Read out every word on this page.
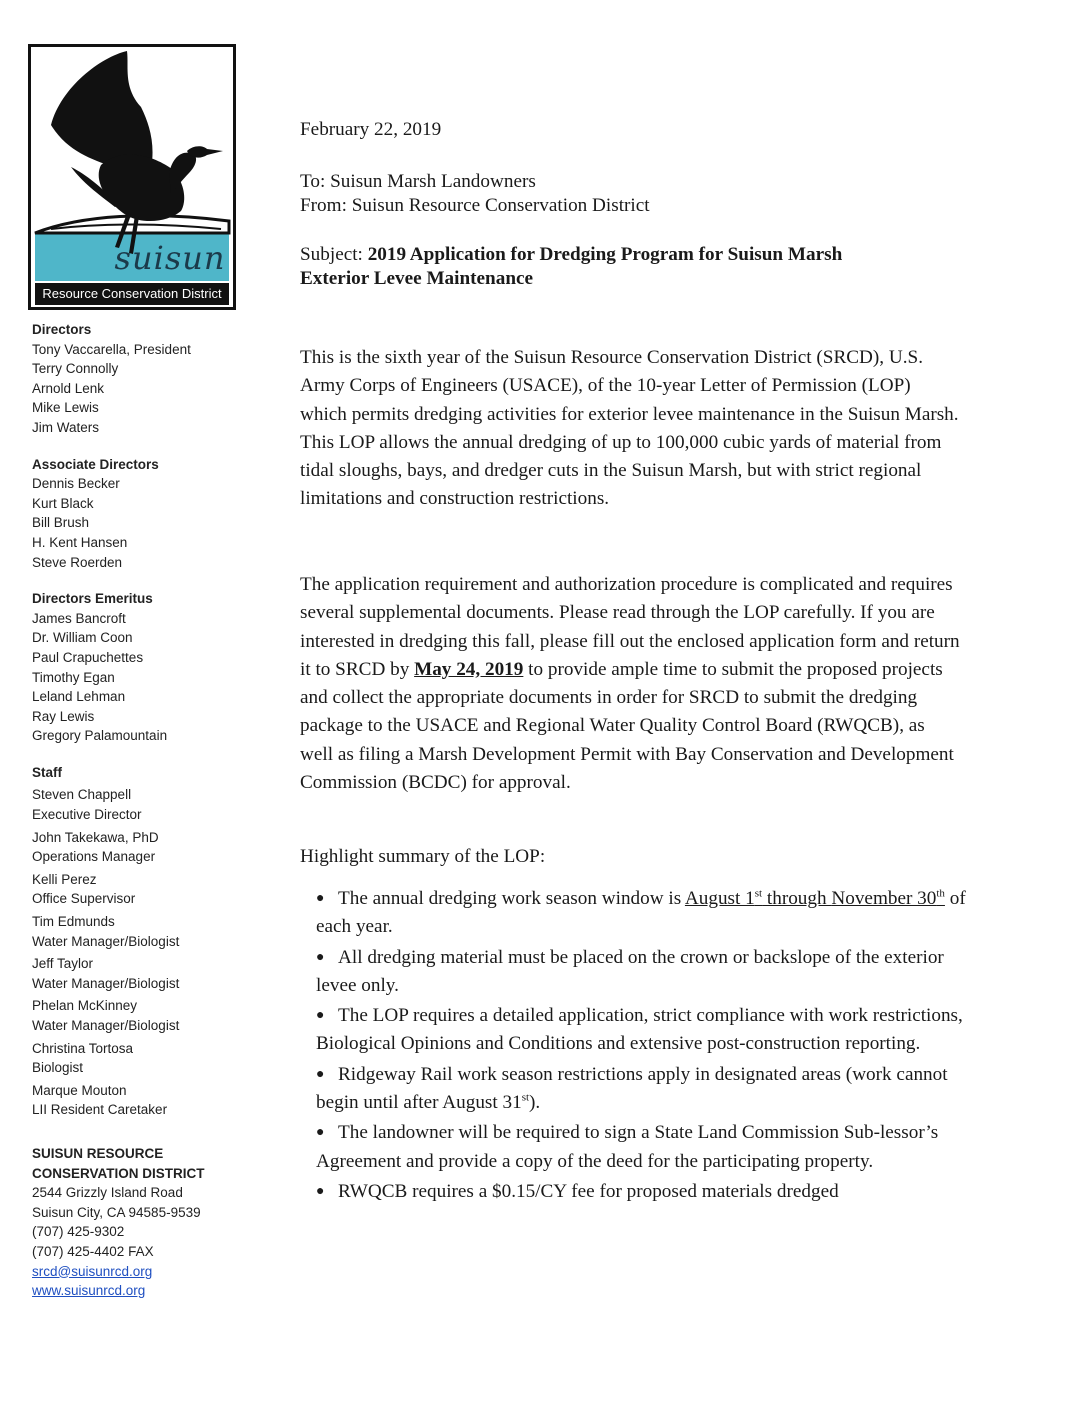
suisun
Resource Conservation District
Directors
Tony Vaccarella, President
Terry Connolly
Arnold Lenk
Mike Lewis
Jim Waters
Associate Directors
Dennis Becker
Kurt Black
Bill Brush
H. Kent Hansen
Steve Roerden
Directors Emeritus
James Bancroft
Dr. William Coon
Paul Crapuchettes
Timothy Egan
Leland Lehman
Ray Lewis
Gregory Palamountain
Staff
Steven Chappell
Executive Director
John Takekawa, PhD
Operations Manager
Kelli Perez
Office Supervisor
Tim Edmunds
Water Manager/Biologist
Jeff Taylor
Water Manager/Biologist
Phelan McKinney
Water Manager/Biologist
Christina Tortosa
Biologist
Marque Mouton
LII Resident Caretaker
SUISUN RESOURCE
CONSERVATION DISTRICT
2544 Grizzly Island Road
Suisun City, CA 94585-9539
(707) 425-9302
(707) 425-4402 FAX
srcd@suisunrcd.org
www.suisunrcd.org
February 22, 2019
To: Suisun Marsh Landowners
From: Suisun Resource Conservation District
Subject: 2019 Application for Dredging Program for Suisun Marsh
Exterior Levee Maintenance
This is the sixth year of the Suisun Resource Conservation District (SRCD), U.S. Army Corps of Engineers (USACE), of the 10-year Letter of Permission (LOP) which permits dredging activities for exterior levee maintenance in the Suisun Marsh. This LOP allows the annual dredging of up to 100,000 cubic yards of material from tidal sloughs, bays, and dredger cuts in the Suisun Marsh, but with strict regional limitations and construction restrictions.
The application requirement and authorization procedure is complicated and requires several supplemental documents. Please read through the LOP carefully. If you are interested in dredging this fall, please fill out the enclosed application form and return it to SRCD by May 24, 2019 to provide ample time to submit the proposed projects and collect the appropriate documents in order for SRCD to submit the dredging package to the USACE and Regional Water Quality Control Board (RWQCB), as well as filing a Marsh Development Permit with Bay Conservation and Development Commission (BCDC) for approval.
Highlight summary of the LOP:
● The annual dredging work season window is August 1st through November 30th of each year.
● All dredging material must be placed on the crown or backslope of the exterior levee only.
● The LOP requires a detailed application, strict compliance with work restrictions, Biological Opinions and Conditions and extensive post-construction reporting.
● Ridgeway Rail work season restrictions apply in designated areas (work cannot begin until after August 31st).
● The landowner will be required to sign a State Land Commission Sub-lessor’s Agreement and provide a copy of the deed for the participating property.
● RWQCB requires a $0.15/CY fee for proposed materials dredged
